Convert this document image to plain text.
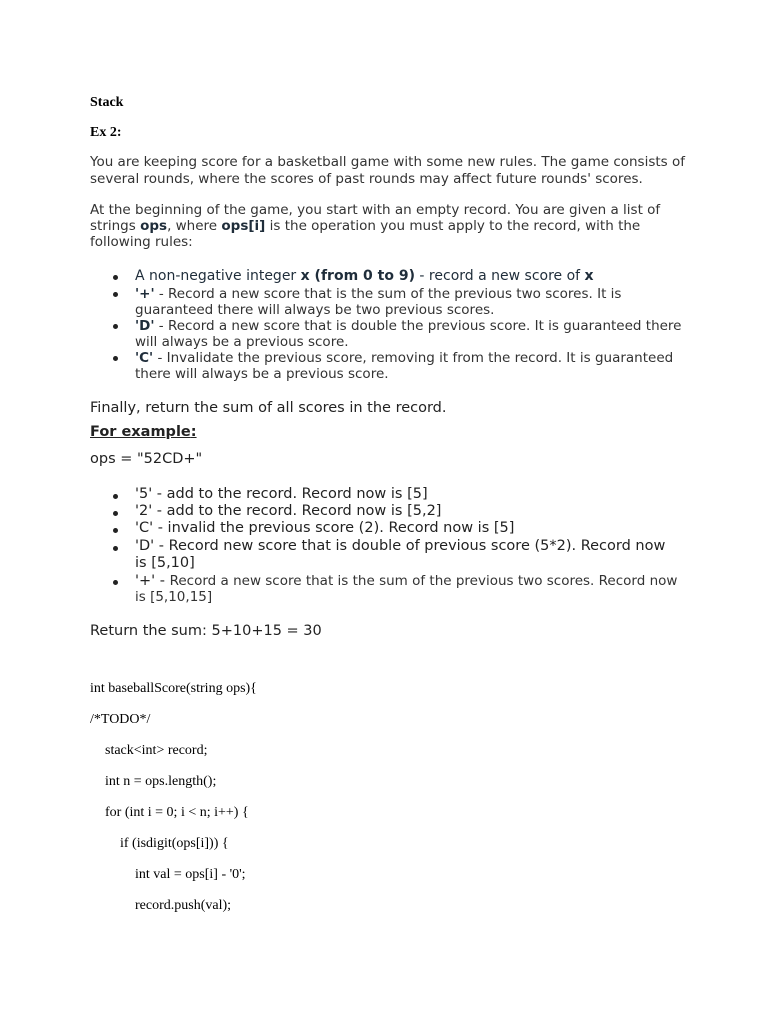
Stack
Ex 2:
You are keeping score for a basketball game with some new rules. The game consists of
several rounds, where the scores of past rounds may affect future rounds' scores.
At the beginning of the game, you start with an empty record. You are given a list of
strings ops, where ops[i] is the operation you must apply to the record, with the
following rules:
A non-negative integer x (from 0 to 9) - record a new score of x
'+' - Record a new score that is the sum of the previous two scores. It is
guaranteed there will always be two previous scores.
'D' - Record a new score that is double the previous score. It is guaranteed there
will always be a previous score.
'C' - Invalidate the previous score, removing it from the record. It is guaranteed
there will always be a previous score.
Finally, return the sum of all scores in the record.
For example:
ops = "52CD+"
'5' - add to the record. Record now is [5]
'2' - add to the record. Record now is [5,2]
'C' - invalid the previous score (2). Record now is [5]
'D' - Record new score that is double of previous score (5*2). Record now
is [5,10]
'+' - Record a new score that is the sum of the previous two scores. Record now
is [5,10,15]
Return the sum: 5+10+15 = 30
int baseballScore(string ops){
/*TODO*/
stack<int> record;
int n = ops.length();
for (int i = 0; i < n; i++) {
if (isdigit(ops[i])) {
int val = ops[i] - '0';
record.push(val);
